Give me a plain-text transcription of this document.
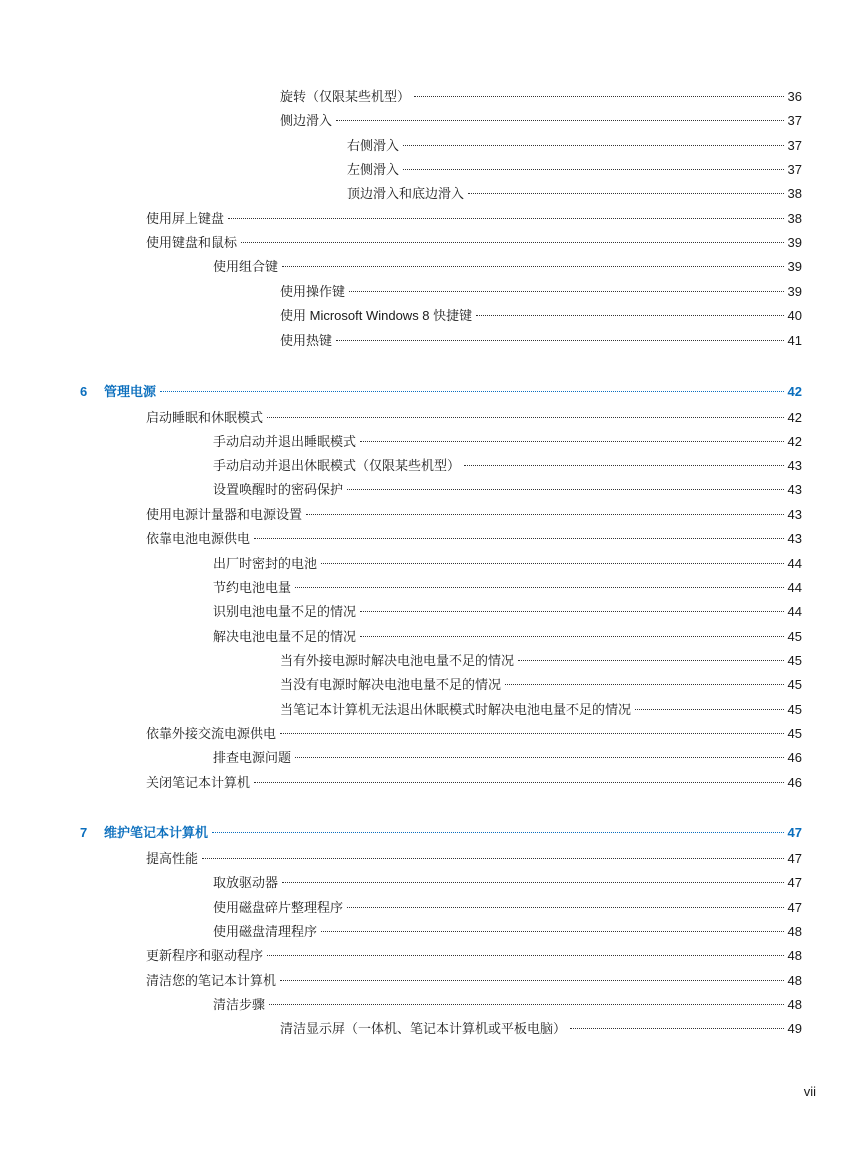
旋转（仅限某些机型）	36
侧边滑入	37
右侧滑入	37
左侧滑入	37
顶边滑入和底边滑入	38
使用屏上键盘	38
使用键盘和鼠标	39
使用组合键	39
使用操作键	39
使用 Microsoft Windows 8 快捷键	40
使用热键	41
6 管理电源	42
启动睡眠和休眠模式	42
手动启动并退出睡眠模式	42
手动启动并退出休眠模式（仅限某些机型）	43
设置唤醒时的密码保护	43
使用电源计量器和电源设置	43
依靠电池电源供电	43
出厂时密封的电池	44
节约电池电量	44
识别电池电量不足的情况	44
解决电池电量不足的情况	45
当有外接电源时解决电池电量不足的情况	45
当没有电源时解决电池电量不足的情况	45
当笔记本计算机无法退出休眠模式时解决电池电量不足的情况	45
依靠外接交流电源供电	45
排查电源问题	46
关闭笔记本计算机	46
7 维护笔记本计算机	47
提高性能	47
取放驱动器	47
使用磁盘碎片整理程序	47
使用磁盘清理程序	48
更新程序和驱动程序	48
清洁您的笔记本计算机	48
清洁步骤	48
清洁显示屏（一体机、笔记本计算机或平板电脑）	49
vii
